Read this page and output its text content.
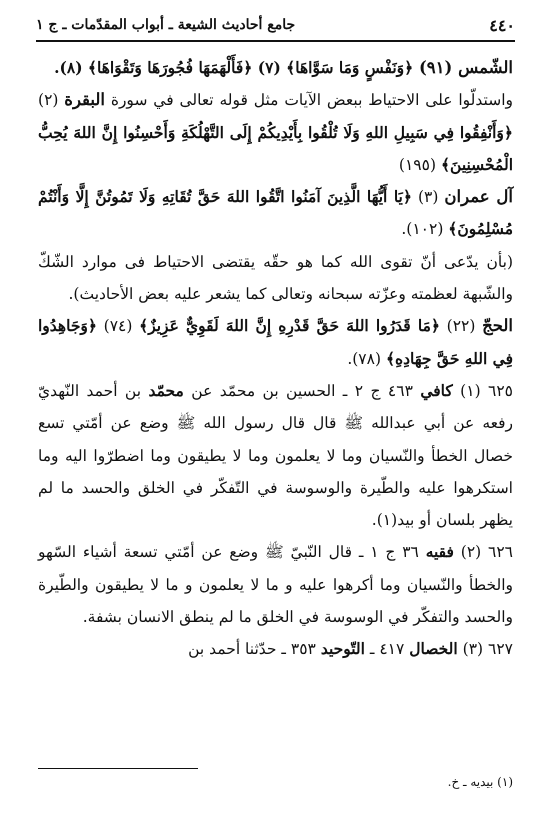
٤٤٠
جامع أحاديث الشيعة ـ أبواب المقدّمات ـ ج ١

الشّمس (٩١) ﴿وَنَفْسٍ وَمَا سَوَّاهَا﴾ (٧) ﴿فَأَلْهَمَهَا فُجُورَهَا وَتَقْوَاهَا﴾ (٨).

واستدلّوا على الاحتياط ببعض الآيات مثل قوله تعالى في سورة البقرة (٢) ﴿وَأَنْفِقُوا فِي سَبِيلِ اللهِ وَلَا تُلْقُوا بِأَيْدِيكُمْ إِلَى التَّهْلُكَةِ وَأَحْسِنُوا إِنَّ اللهَ يُحِبُّ الْمُحْسِنِينَ﴾ (١٩٥)

آل عمران (٣) ﴿يَا أَيُّهَا الَّذِينَ آمَنُوا اتَّقُوا اللهَ حَقَّ تُقَاتِهِ وَلَا تَمُوتُنَّ إِلَّا وَأَنْتُمْ مُسْلِمُونَ﴾ (١٠٢).

(بأن يدّعى أنّ تقوى الله كما هو حقّه يقتضى الاحتياط فى موارد الشّكّ والشّبهة لعظمته وعزّته سبحانه وتعالى كما يشعر عليه بعض الأحاديث).

الحجّ (٢٢) ﴿مَا قَدَرُوا اللهَ حَقَّ قَدْرِهِ إِنَّ اللهَ لَقَوِيٌّ عَزِيزٌ﴾ (٧٤) ﴿وَجَاهِدُوا فِي اللهِ حَقَّ جِهَادِهِ﴾ (٧٨).

٦٢٥ (١) كافي ٤٦٣ ج ٢ ـ الحسين بن محمّد عن محمّد بن أحمد النّهديّ رفعه عن أبي عبدالله ﷺ قال قال رسول الله ﷺ وضع عن أمّتي تسع خصال الخطأ والنّسيان وما لا يعلمون وما لا يطيقون وما اضطرّوا اليه وما استكرهوا عليه والطّيرة والوسوسة في التّفكّر في الخلق والحسد ما لم يظهر بلسان أو بيد(١).

٦٢٦ (٢) فقيه ٣٦ ج ١ ـ قال النّبيّ ﷺ وضع عن أمّتي تسعة أشياء السّهو والخطأ والنّسيان وما أكرهوا عليه و ما لا يعلمون و ما لا يطيقون والطّيرة والحسد والتفكّر في الوسوسة في الخلق ما لم ينطق الانسان بشفة.

٦٢٧ (٣) الخصال ٤١٧ ـ التّوحيد ٣٥٣ ـ حدّثنا أحمد بن

(١) بيديه ـ خ.
